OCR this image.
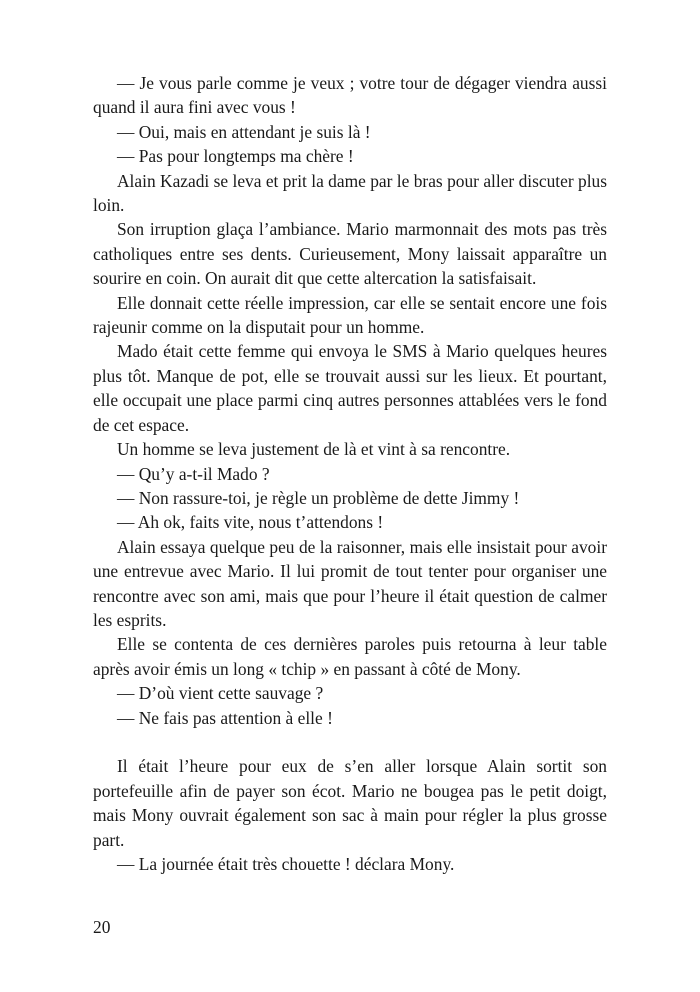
— Je vous parle comme je veux ; votre tour de dégager viendra aussi quand il aura fini avec vous !

— Oui, mais en attendant je suis là !

— Pas pour longtemps ma chère !

Alain Kazadi se leva et prit la dame par le bras pour aller discuter plus loin.

Son irruption glaça l’ambiance. Mario marmonnait des mots pas très catholiques entre ses dents. Curieusement, Mony laissait apparaître un sourire en coin. On aurait dit que cette altercation la satisfaisait.

Elle donnait cette réelle impression, car elle se sentait encore une fois rajeunir comme on la disputait pour un homme.

Mado était cette femme qui envoya le SMS à Mario quelques heures plus tôt. Manque de pot, elle se trouvait aussi sur les lieux. Et pourtant, elle occupait une place parmi cinq autres personnes attablées vers le fond de cet espace.

Un homme se leva justement de là et vint à sa rencontre.

— Qu’y a-t-il Mado ?

— Non rassure-toi, je règle un problème de dette Jimmy !

— Ah ok, faits vite, nous t’attendons !

Alain essaya quelque peu de la raisonner, mais elle insistait pour avoir une entrevue avec Mario. Il lui promit de tout tenter pour organiser une rencontre avec son ami, mais que pour l’heure il était question de calmer les esprits.

Elle se contenta de ces dernières paroles puis retourna à leur table après avoir émis un long « tchip » en passant à côté de Mony.

— D’où vient cette sauvage ?

— Ne fais pas attention à elle !

Il était l’heure pour eux de s’en aller lorsque Alain sortit son portefeuille afin de payer son écot. Mario ne bougea pas le petit doigt, mais Mony ouvrait également son sac à main pour régler la plus grosse part.

— La journée était très chouette ! déclara Mony.

20
